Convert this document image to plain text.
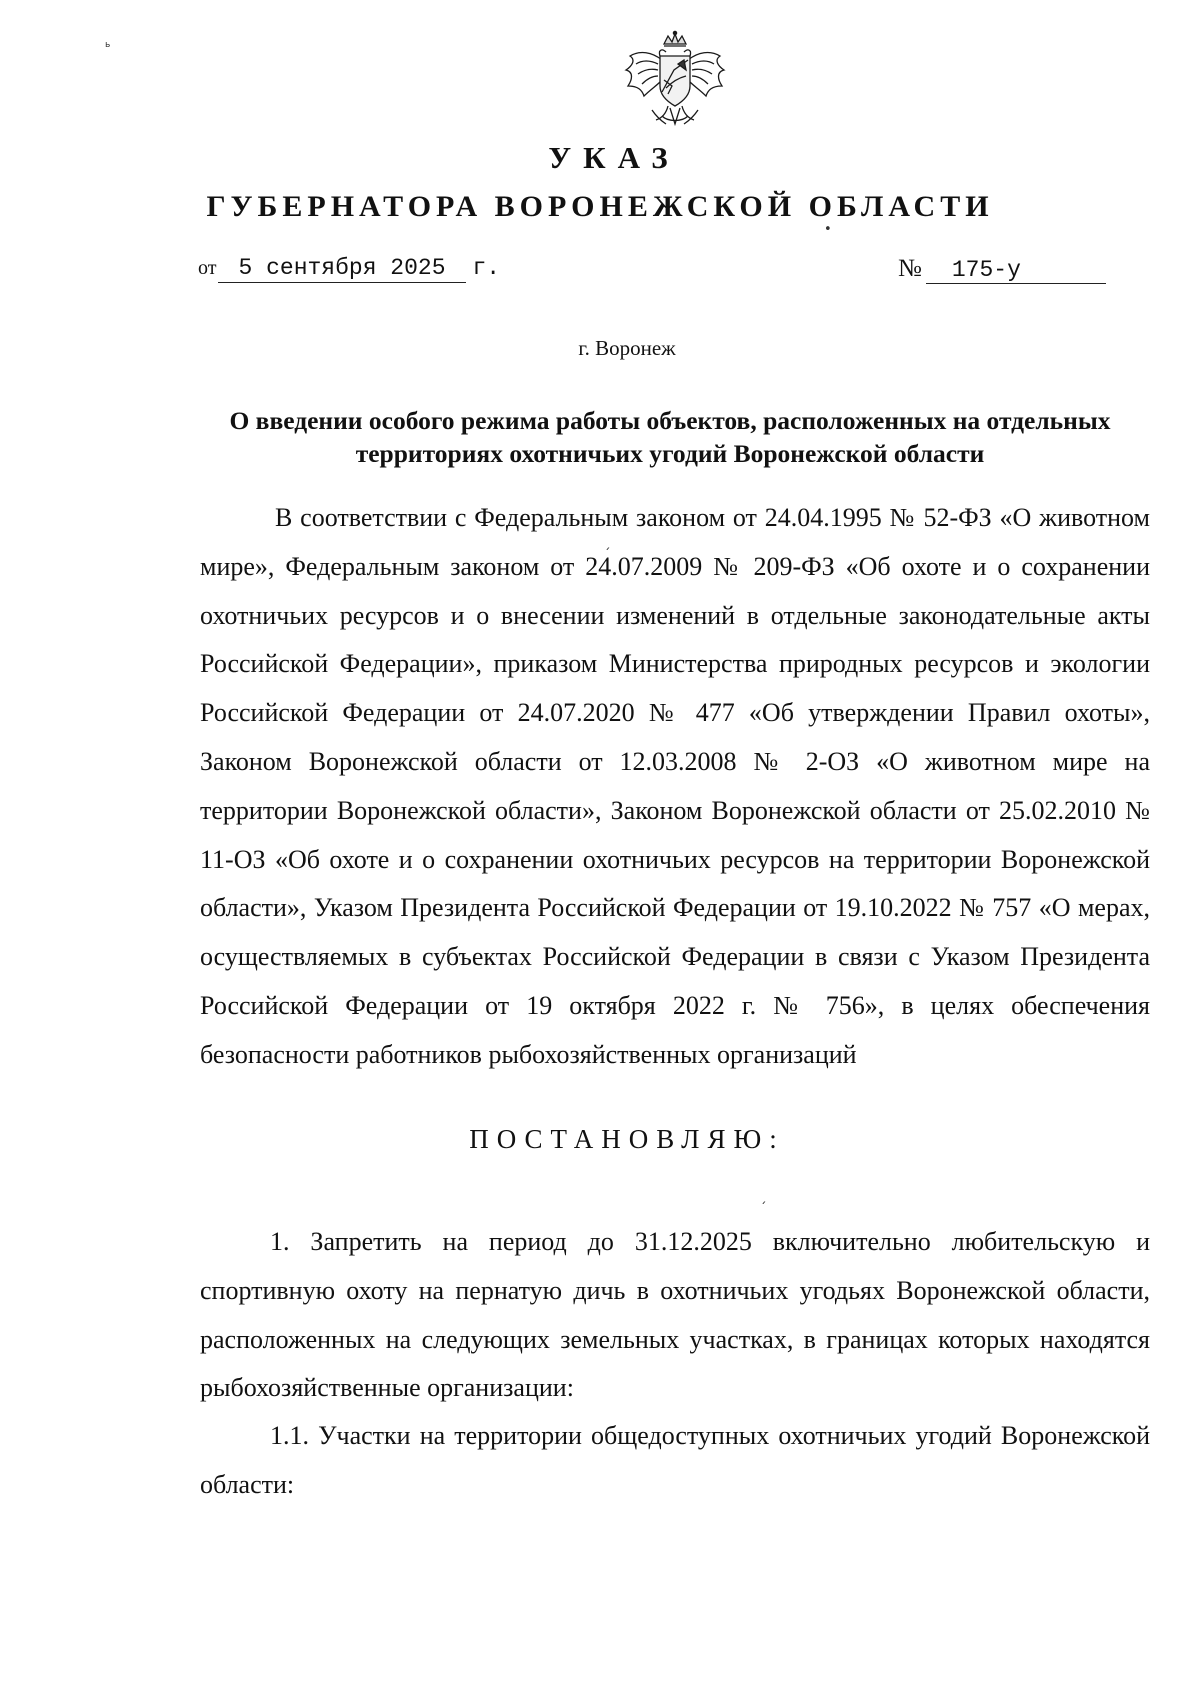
ь
УКАЗ
ГУБЕРНАТОРА ВОРОНЕЖСКОЙ ОБЛАСТИ
от 5 сентября 2025 г.	№ 175-у
•
г. Воронеж
О введении особого режима работы объектов, расположенных на отдельных территориях охотничьих угодий Воронежской области

В соответствии с Федеральным законом от 24.04.1995 № 52-ФЗ «О животном мире», Федеральным законом от 24.07.2009 № 209-ФЗ «Об охоте и о сохранении охотничьих ресурсов и о внесении изменений в отдельные законодательные акты Российской Федерации», приказом Министерства природных ресурсов и экологии Российской Федерации от 24.07.2020 № 477 «Об утверждении Правил охоты», Законом Воронежской области от 12.03.2008 № 2-ОЗ «О животном мире на территории Воронежской области», Законом Воронежской области от 25.02.2010 № 11-ОЗ «Об охоте и о сохранении охотничьих ресурсов на территории Воронежской области», Указом Президента Российской Федерации от 19.10.2022 № 757 «О мерах, осуществляемых в субъектах Российской Федерации в связи с Указом Президента Российской Федерации от 19 октября 2022 г. № 756», в целях обеспечения безопасности работников рыбохозяйственных организаций

ˏ
ПОСТАНОВЛЯЮ:
ˏ

1. Запретить на период до 31.12.2025 включительно любительскую и спортивную охоту на пернатую дичь в охотничьих угодьях Воронежской области, расположенных на следующих земельных участках, в границах которых находятся рыбохозяйственные организации:

1.1. Участки на территории общедоступных охотничьих угодий Воронежской области:
